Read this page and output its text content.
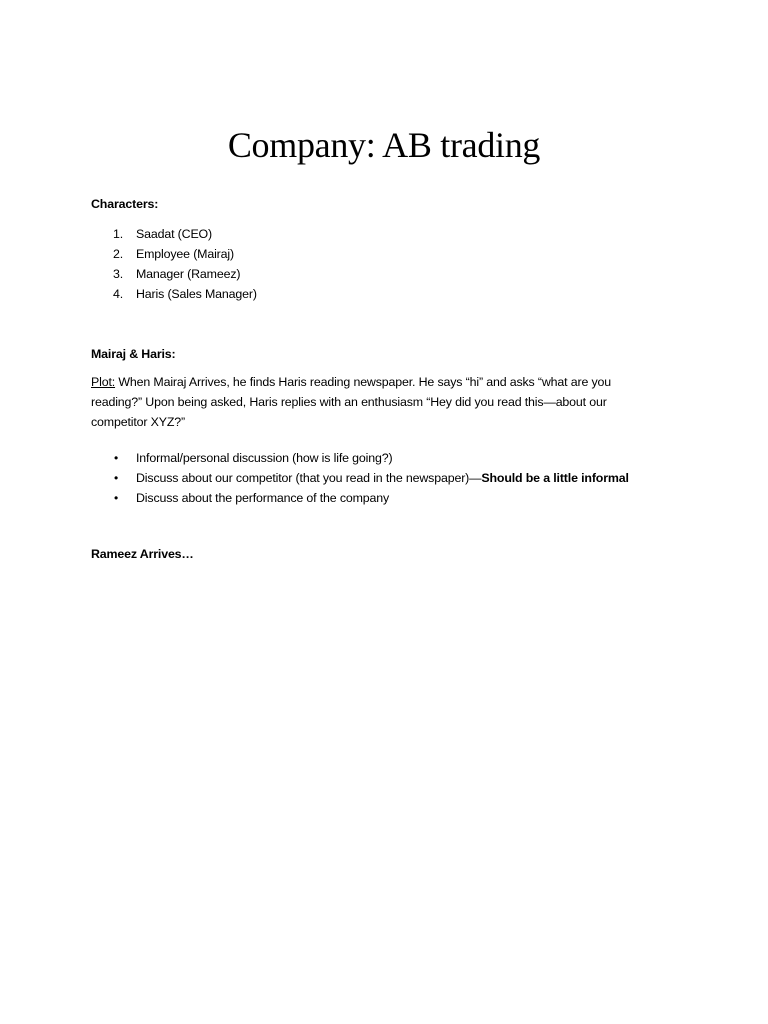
Company: AB trading
Characters:
1. Saadat (CEO)
2. Employee (Mairaj)
3. Manager (Rameez)
4. Haris (Sales Manager)
Mairaj & Haris:
Plot: When Mairaj Arrives, he finds Haris reading newspaper. He says “hi” and asks “what are you reading?” Upon being asked, Haris replies with an enthusiasm “Hey did you read this—about our competitor XYZ?”
• Informal/personal discussion (how is life going?)
• Discuss about our competitor (that you read in the newspaper)—Should be a little informal
• Discuss about the performance of the company
Rameez Arrives…
